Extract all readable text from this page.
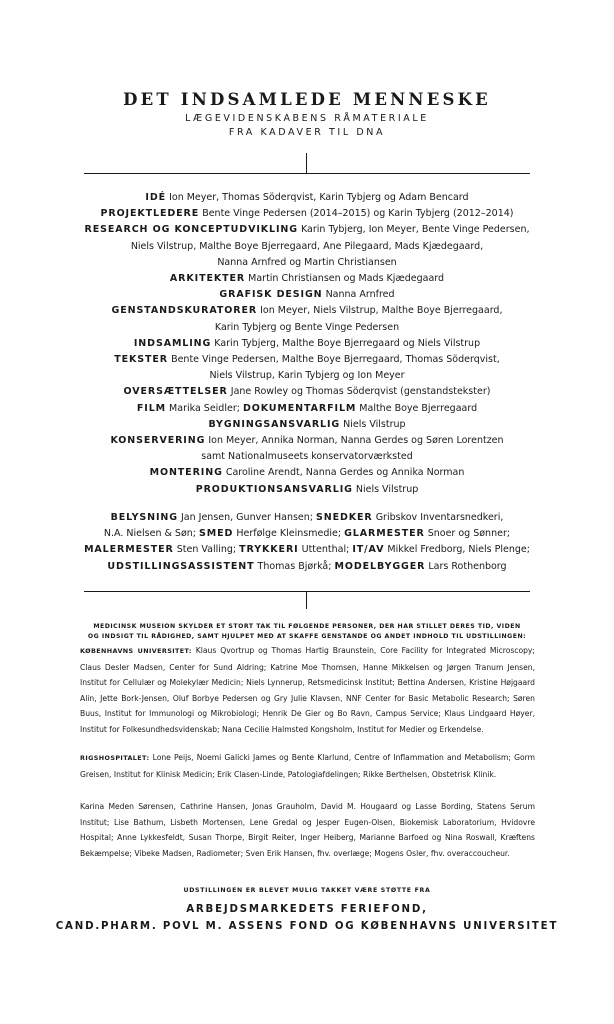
DET INDSAMLEDE MENNESKE
LÆGEVIDENSKABENS RÅMATERIALE
FRA KADAVER TIL DNA
IDÉ Ion Meyer, Thomas Söderqvist, Karin Tybjerg og Adam Bencard
PROJEKTLEDERE Bente Vinge Pedersen (2014–2015) og Karin Tybjerg (2012–2014)
RESEARCH OG KONCEPTUDVIKLING Karin Tybjerg, Ion Meyer, Bente Vinge Pedersen,
Niels Vilstrup, Malthe Boye Bjerregaard, Ane Pilegaard, Mads Kjædegaard,
Nanna Arnfred og Martin Christiansen
ARKITEKTER Martin Christiansen og Mads Kjædegaard
GRAFISK DESIGN Nanna Arnfred
GENSTANDSKURATORER Ion Meyer, Niels Vilstrup, Malthe Boye Bjerregaard,
Karin Tybjerg og Bente Vinge Pedersen
INDSAMLING Karin Tybjerg, Malthe Boye Bjerregaard og Niels Vilstrup
TEKSTER Bente Vinge Pedersen, Malthe Boye Bjerregaard, Thomas Söderqvist,
Niels Vilstrup, Karin Tybjerg og Ion Meyer
OVERSÆTTELSER Jane Rowley og Thomas Söderqvist (genstandstekster)
FILM Marika Seidler; DOKUMENTARFILM Malthe Boye Bjerregaard
BYGNINGSANSVARLIG Niels Vilstrup
KONSERVERING Ion Meyer, Annika Norman, Nanna Gerdes og Søren Lorentzen
samt Nationalmuseets konservatorværksted
MONTERING Caroline Arendt, Nanna Gerdes og Annika Norman
PRODUKTIONSANSVARLIG Niels Vilstrup
BELYSNING Jan Jensen, Gunver Hansen; SNEDKER Gribskov Inventarsnedkeri,
N.A. Nielsen & Søn; SMED Herfølge Kleinsmedie; GLARMESTER Snoer og Sønner;
MALERMESTER Sten Valling; TRYKKERI Uttenthal; IT/AV Mikkel Fredborg, Niels Plenge;
UDSTILLINGSASSISTENT Thomas Bjørkå; MODELBYGGER Lars Rothenborg
MEDICINSK MUSEION SKYLDER ET STORT TAK TIL FØLGENDE PERSONER, DER HAR STILLET DERES TID, VIDEN
OG INDSIGT TIL RÅDIGHED, SAMT HJULPET MED AT SKAFFE GENSTANDE OG ANDET INDHOLD TIL UDSTILLINGEN:
KØBENHAVNS UNIVERSITET: Klaus Qvortrup og Thomas Hartig Braunstein, Core Facility for Integrated Microscopy; Claus Desler Madsen, Center for Sund Aldring; Katrine Moe Thomsen, Hanne Mikkelsen og Jørgen Tranum Jensen, Institut for Cellulær og Molekylær Medicin; Niels Lynnerup, Retsmedicinsk Institut; Bettina Andersen, Kristine Højgaard Alin, Jette Bork-Jensen, Oluf Borbye Pedersen og Gry Julie Klavsen, NNF Center for Basic Metabolic Research; Søren Buus, Institut for Immunologi og Mikrobiologi; Henrik De Gier og Bo Ravn, Campus Service; Klaus Lindgaard Høyer, Institut for Folkesundhedsvidenskab; Nana Cecilie Halmsted Kongsholm, Institut for Medier og Erkendelse.
RIGSHOSPITALET: Lone Peijs, Noemi Galicki James og Bente Klarlund, Centre of Inflammation and Metabolism; Gorm Greisen, Institut for Klinisk Medicin; Erik Clasen-Linde, Patologiafdelingen; Rikke Berthelsen, Obstetrisk Klinik.
Karina Meden Sørensen, Cathrine Hansen, Jonas Grauholm, David M. Hougaard og Lasse Bording, Statens Serum Institut; Lise Bathum, Lisbeth Mortensen, Lene Gredal og Jesper Eugen-Olsen, Biokemisk Laboratorium, Hvidovre Hospital; Anne Lykkesfeldt, Susan Thorpe, Birgit Reiter, Inger Heiberg, Marianne Barfoed og Nina Roswall, Kræftens Bekæmpelse; Vibeke Madsen, Radiometer; Sven Erik Hansen, fhv. overlæge; Mogens Osler, fhv. overaccoucheur.
UDSTILLINGEN ER BLEVET MULIG TAKKET VÆRE STØTTE FRA
ARBEJDSMARKEDETS FERIEFOND,
CAND.PHARM. POVL M. ASSENS FOND OG KØBENHAVNS UNIVERSITET
